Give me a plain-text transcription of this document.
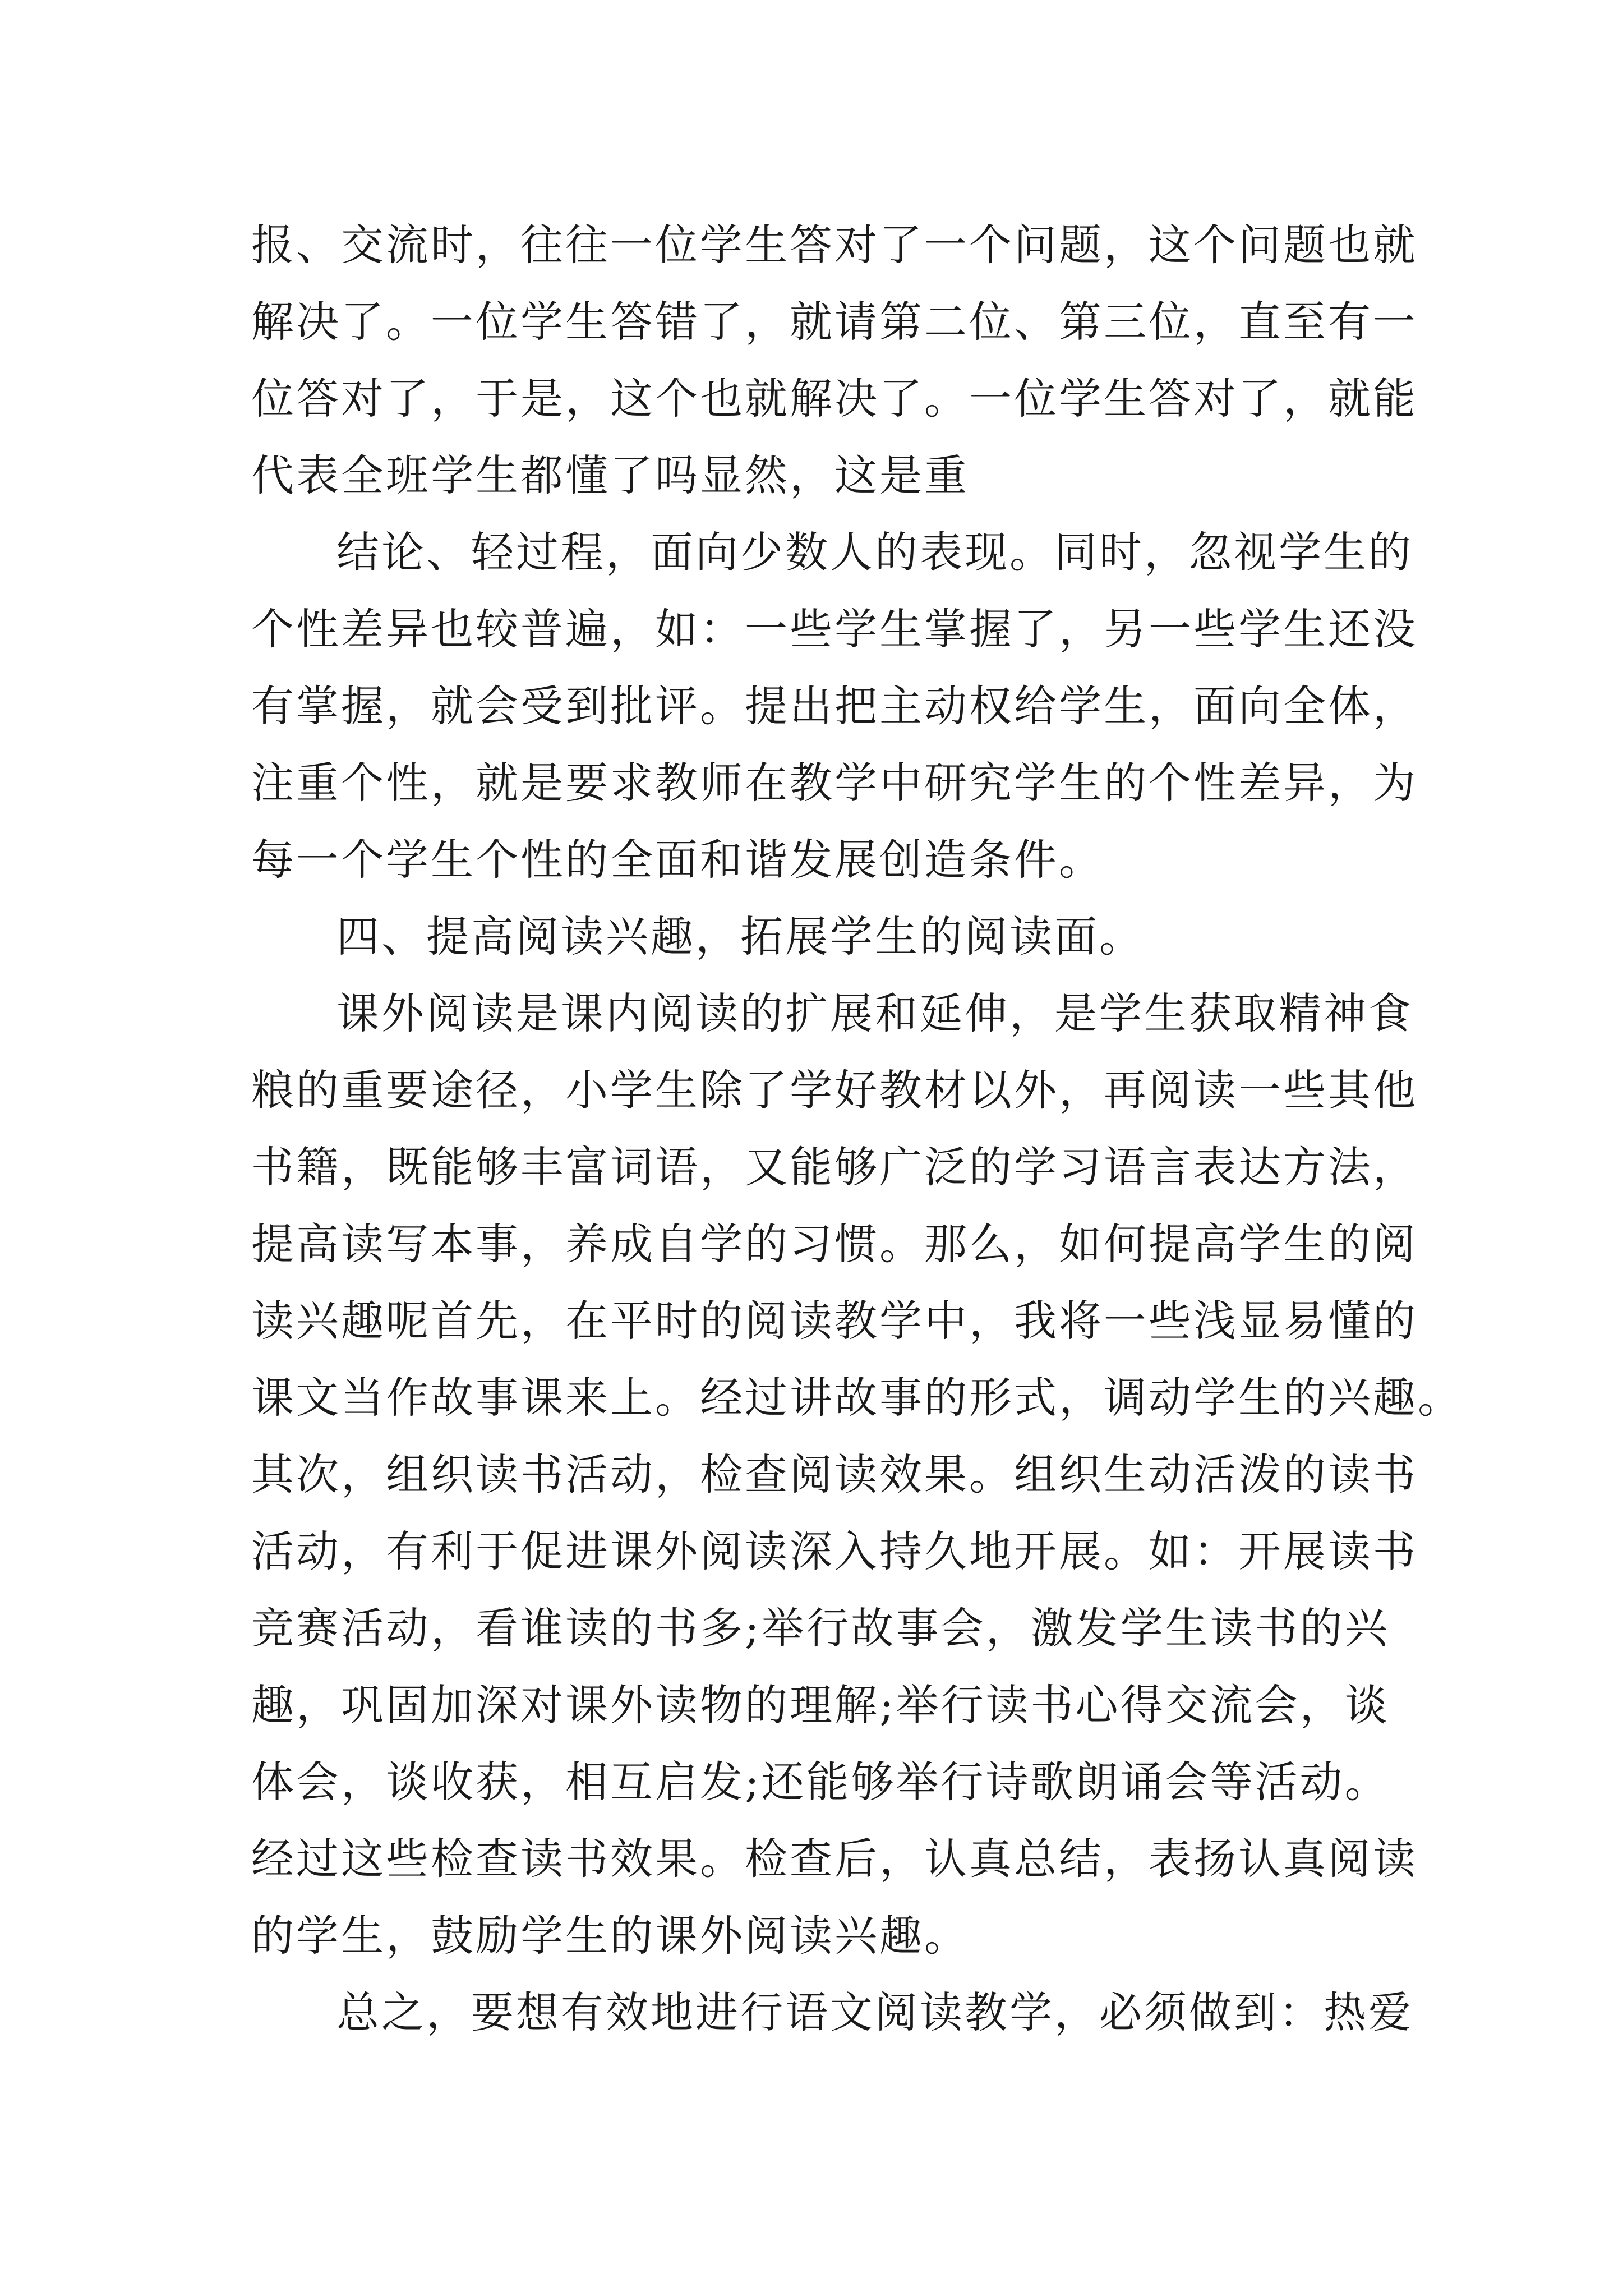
报、交流时，往往一位学生答对了一个问题，这个问题也就
解决了。一位学生答错了，就请第二位、第三位，直至有一
位答对了，于是，这个也就解决了。一位学生答对了，就能
代表全班学生都懂了吗显然，这是重
结论、轻过程，面向少数人的表现。同时，忽视学生的
个性差异也较普遍，如：一些学生掌握了，另一些学生还没
有掌握，就会受到批评。提出把主动权给学生，面向全体，
注重个性，就是要求教师在教学中研究学生的个性差异，为
每一个学生个性的全面和谐发展创造条件。
四、提高阅读兴趣，拓展学生的阅读面。
课外阅读是课内阅读的扩展和延伸，是学生获取精神食
粮的重要途径，小学生除了学好教材以外，再阅读一些其他
书籍，既能够丰富词语，又能够广泛的学习语言表达方法，
提高读写本事，养成自学的习惯。那么，如何提高学生的阅
读兴趣呢首先，在平时的阅读教学中，我将一些浅显易懂的
课文当作故事课来上。经过讲故事的形式，调动学生的兴趣。
其次，组织读书活动，检查阅读效果。组织生动活泼的读书
活动，有利于促进课外阅读深入持久地开展。如：开展读书
竞赛活动，看谁读的书多;举行故事会，激发学生读书的兴
趣，巩固加深对课外读物的理解;举行读书心得交流会，谈
体会，谈收获，相互启发;还能够举行诗歌朗诵会等活动。
经过这些检查读书效果。检查后，认真总结，表扬认真阅读
的学生，鼓励学生的课外阅读兴趣。
总之，要想有效地进行语文阅读教学，必须做到：热爱
